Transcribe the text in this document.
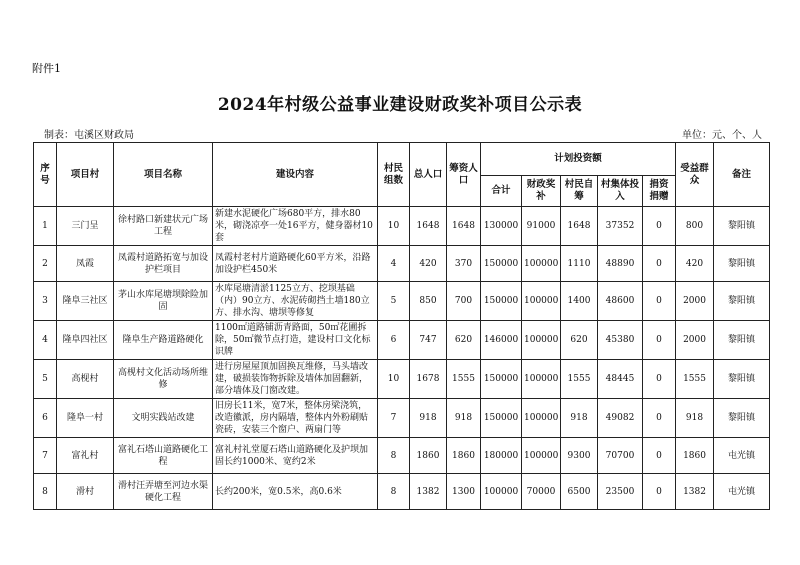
附件1
2024年村级公益事业建设财政奖补项目公示表
制表：屯溪区财政局	单位：元、个、人
序号	项目村	项目名称	建设内容	村民组数	总人口	筹资人口	计划投资额					受益群众	备注
							合计	财政奖补	村民自筹	村集体投入	捐资捐赠		
1	三门呈	徐村路口新建状元广场工程	新建水泥硬化广场680平方，排水80米，砌浇凉亭一处16平方，健身器材10套	10	1648	1648	130000	91000	1648	37352	0	800	黎阳镇
2	凤霞	凤霞村道路拓宽与加设护栏项目	凤霞村老村片道路硬化60平方米，沿路加设护栏450米	4	420	370	150000	100000	1110	48890	0	420	黎阳镇
3	隆阜三社区	茅山水库尾塘坝除险加固	水库尾塘清淤1125立方、挖坝基础（内）90立方、水泥砖砌挡土墙180立方、排水沟、塘坝等修复	5	850	700	150000	100000	1400	48600	0	2000	黎阳镇
4	隆阜四社区	隆阜生产路道路硬化	1100㎡道路铺沥青路面，50㎡花圃拆除，50㎡微节点打造，建设村口文化标识牌	6	747	620	146000	100000	620	45380	0	2000	黎阳镇
5	高枧村	高枧村文化活动场所维修	进行房屋屋顶加固换瓦维修，马头墙改建，破损装饰物拆除及墙体加固翻新，部分墙体及门窗改建。	10	1678	1555	150000	100000	1555	48445	0	1555	黎阳镇
6	隆阜一村	文明实践站改建	旧房长11米，宽7米，整体房梁浇筑，改造徽派，房内隔墙，整体内外粉刷贴瓷砖，安装三个窗户、两扇门等	7	918	918	150000	100000	918	49082	0	918	黎阳镇
7	富礼村	富礼石塔山道路硬化工程	富礼村礼堂厦石塔山道路硬化及护坝加固长约1000米、宽约2米	8	1860	1860	180000	100000	9300	70700	0	1860	屯光镇
8	滑村	滑村汪弄塘至河边水渠硬化工程	长约200米，宽0.5米，高0.6米	8	1382	1300	100000	70000	6500	23500	0	1382	屯光镇
